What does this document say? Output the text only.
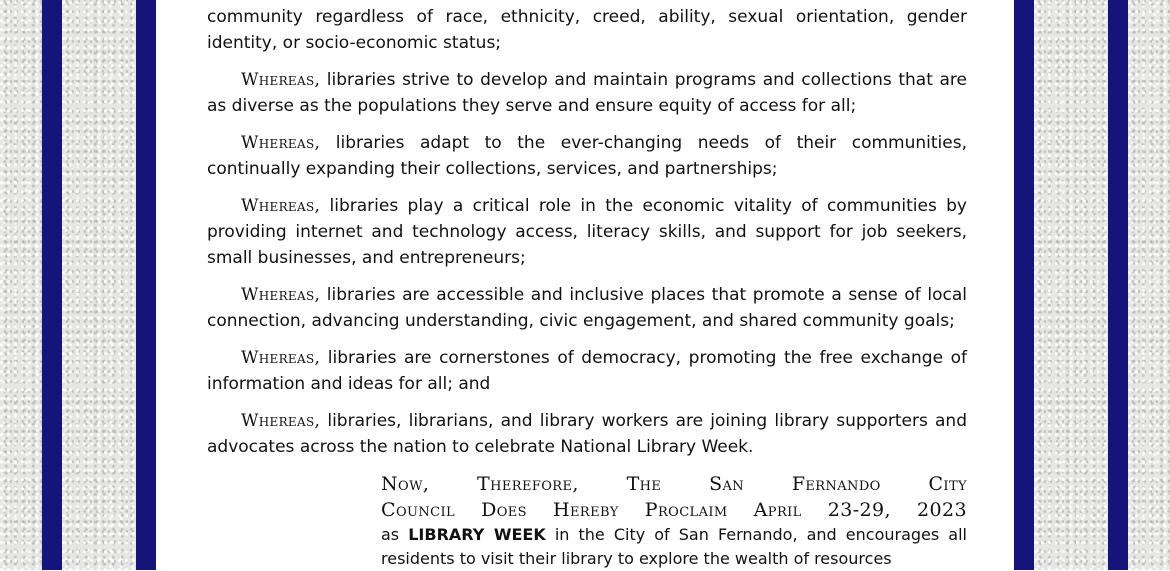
community regardless of race, ethnicity, creed, ability, sexual orientation, gender identity, or socio-economic status;

Whereas, libraries strive to develop and maintain programs and collections that are as diverse as the populations they serve and ensure equity of access for all;

Whereas, libraries adapt to the ever-changing needs of their communities, continually expanding their collections, services, and partnerships;

Whereas, libraries play a critical role in the economic vitality of communities by providing internet and technology access, literacy skills, and support for job seekers, small businesses, and entrepreneurs;

Whereas, libraries are accessible and inclusive places that promote a sense of local connection, advancing understanding, civic engagement, and shared community goals;

Whereas, libraries are cornerstones of democracy, promoting the free exchange of information and ideas for all; and

Whereas, libraries, librarians, and library workers are joining library supporters and advocates across the nation to celebrate National Library Week.

Now, Therefore, The San Fernando City
Council Does Hereby Proclaim April 23-29, 2023
as LIBRARY WEEK in the City of San Fernando, and encourages all residents to visit their library to explore the wealth of resources
